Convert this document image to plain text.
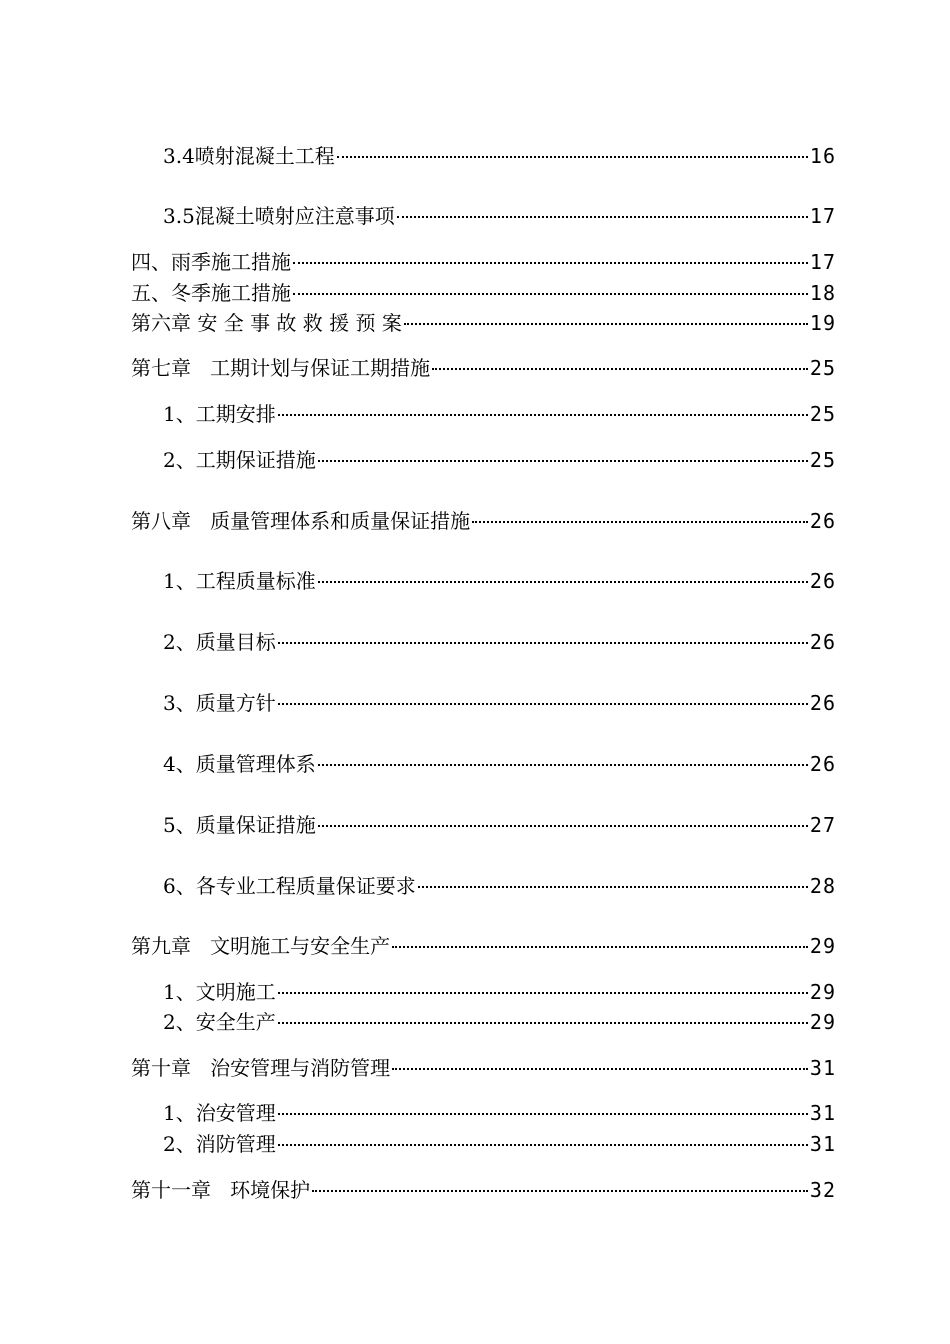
3.4喷射混凝土工程	16
3.5混凝土喷射应注意事项	17
四、雨季施工措施	17
五、冬季施工措施	18
第六章 安 全 事 故 救 援 预 案	19
第七章   工期计划与保证工期措施	25
1、工期安排	25
2、工期保证措施	25
第八章   质量管理体系和质量保证措施	26
1、工程质量标准	26
2、质量目标	26
3、质量方针	26
4、质量管理体系	26
5、质量保证措施	27
6、各专业工程质量保证要求	28
第九章   文明施工与安全生产	29
1、文明施工	29
2、安全生产	29
第十章   治安管理与消防管理	31
1、治安管理	31
2、消防管理	31
第十一章   环境保护	32
